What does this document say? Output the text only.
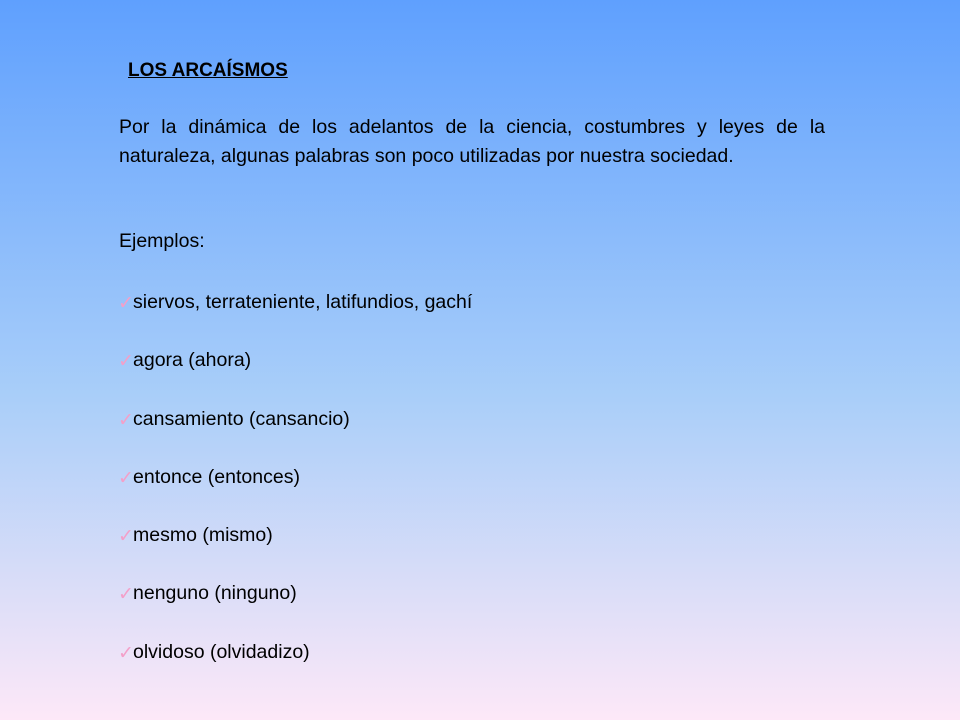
LOS ARCAÍSMOS

Por la dinámica de los adelantos de la ciencia, costumbres y leyes de la naturaleza, algunas palabras son poco utilizadas por nuestra sociedad.

Ejemplos:
✓ siervos, terrateniente, latifundios, gachí
✓ agora (ahora)
✓ cansamiento (cansancio)
✓ entonce (entonces)
✓ mesmo (mismo)
✓ nenguno (ninguno)
✓ olvidoso (olvidadizo)
